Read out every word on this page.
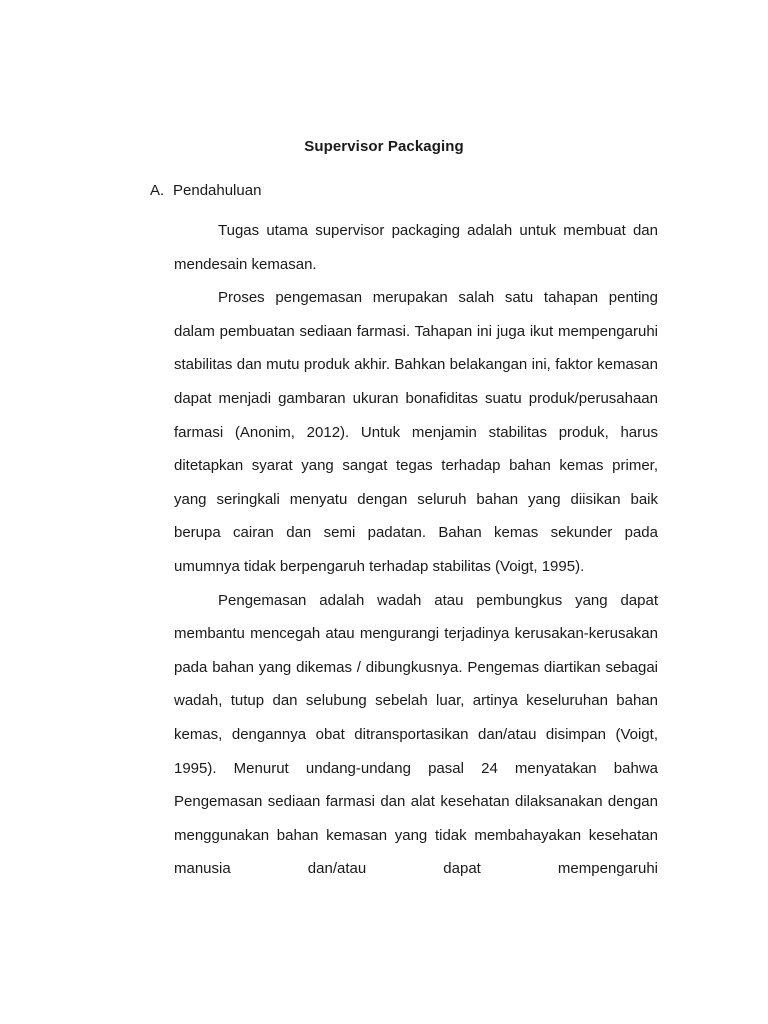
Supervisor Packaging
A. Pendahuluan

Tugas utama supervisor packaging adalah untuk membuat dan mendesain kemasan.

Proses pengemasan merupakan salah satu tahapan penting dalam pembuatan sediaan farmasi. Tahapan ini juga ikut mempengaruhi stabilitas dan mutu produk akhir. Bahkan belakangan ini, faktor kemasan dapat menjadi gambaran ukuran bonafiditas suatu produk/perusahaan farmasi (Anonim, 2012). Untuk menjamin stabilitas produk, harus ditetapkan syarat yang sangat tegas terhadap bahan kemas primer, yang seringkali menyatu dengan seluruh bahan yang diisikan baik berupa cairan dan semi padatan. Bahan kemas sekunder pada umumnya tidak berpengaruh terhadap stabilitas (Voigt, 1995).

Pengemasan adalah wadah atau pembungkus yang dapat membantu mencegah atau mengurangi terjadinya kerusakan-kerusakan pada bahan yang dikemas / dibungkusnya. Pengemas diartikan sebagai wadah, tutup dan selubung sebelah luar, artinya keseluruhan bahan kemas, dengannya obat ditransportasikan dan/atau disimpan (Voigt, 1995). Menurut undang-undang pasal 24 menyatakan bahwa Pengemasan sediaan farmasi dan alat kesehatan dilaksanakan dengan menggunakan bahan kemasan yang tidak membahayakan kesehatan manusia dan/atau dapat mempengaruhi
